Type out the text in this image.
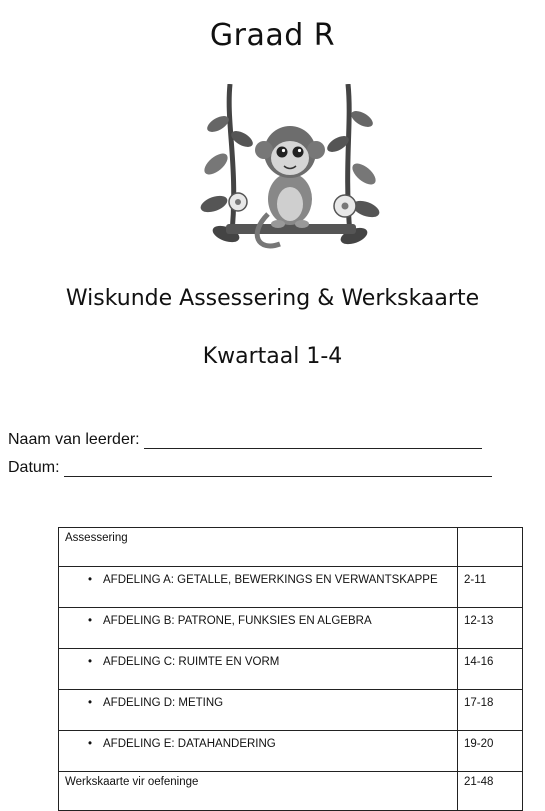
Graad R
Wiskunde Assessering & Werkskaarte
Kwartaal 1-4
Naam van leerder:
Datum:
Assessering	

• AFDELING A: GETALLE, BEWERKINGS EN VERWANTSKAPPE	2-11

• AFDELING B: PATRONE, FUNKSIES EN ALGEBRA	12-13

• AFDELING C: RUIMTE EN VORM	14-16

• AFDELING D: METING	17-18

• AFDELING E: DATAHANDERING	19-20
Werkskaarte vir oefeninge	21-48
